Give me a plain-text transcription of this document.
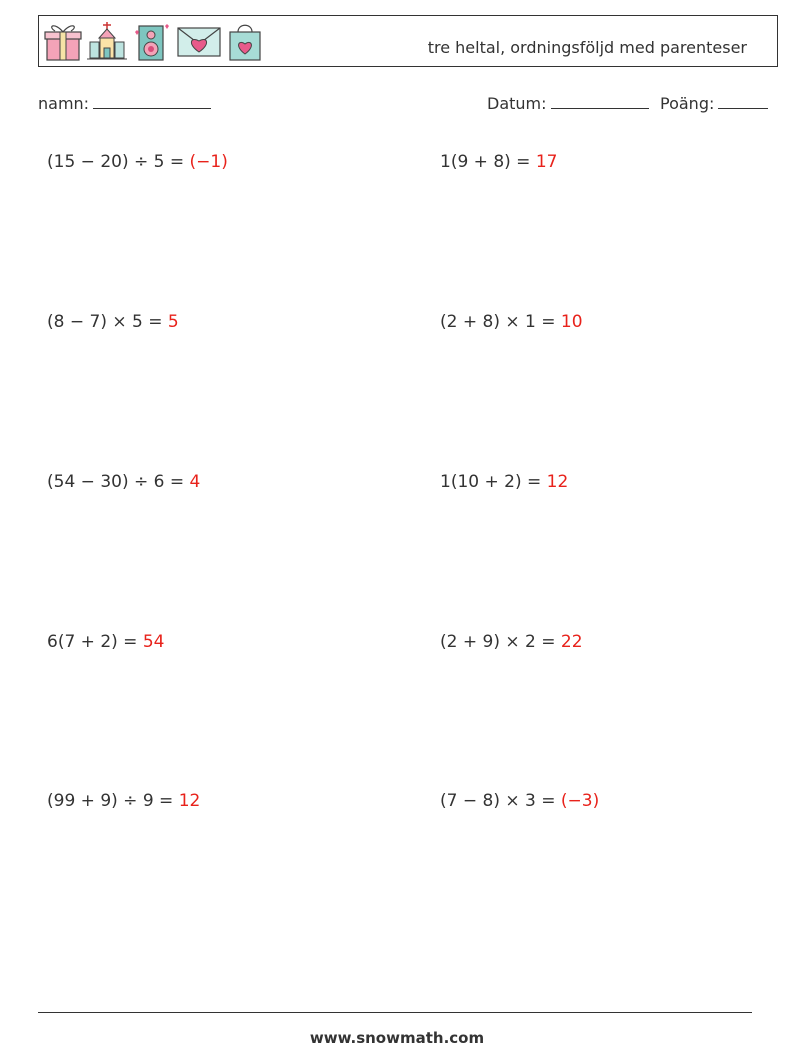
tre heltal, ordningsföljd med parenteser
namn:	Datum:	Poäng:
(15 − 20) ÷ 5 = (−1)	1(9 + 8) = 17
(8 − 7) × 5 = 5	(2 + 8) × 1 = 10
(54 − 30) ÷ 6 = 4	1(10 + 2) = 12
6(7 + 2) = 54	(2 + 9) × 2 = 22
(99 + 9) ÷ 9 = 12	(7 − 8) × 3 = (−3)
www.snowmath.com
